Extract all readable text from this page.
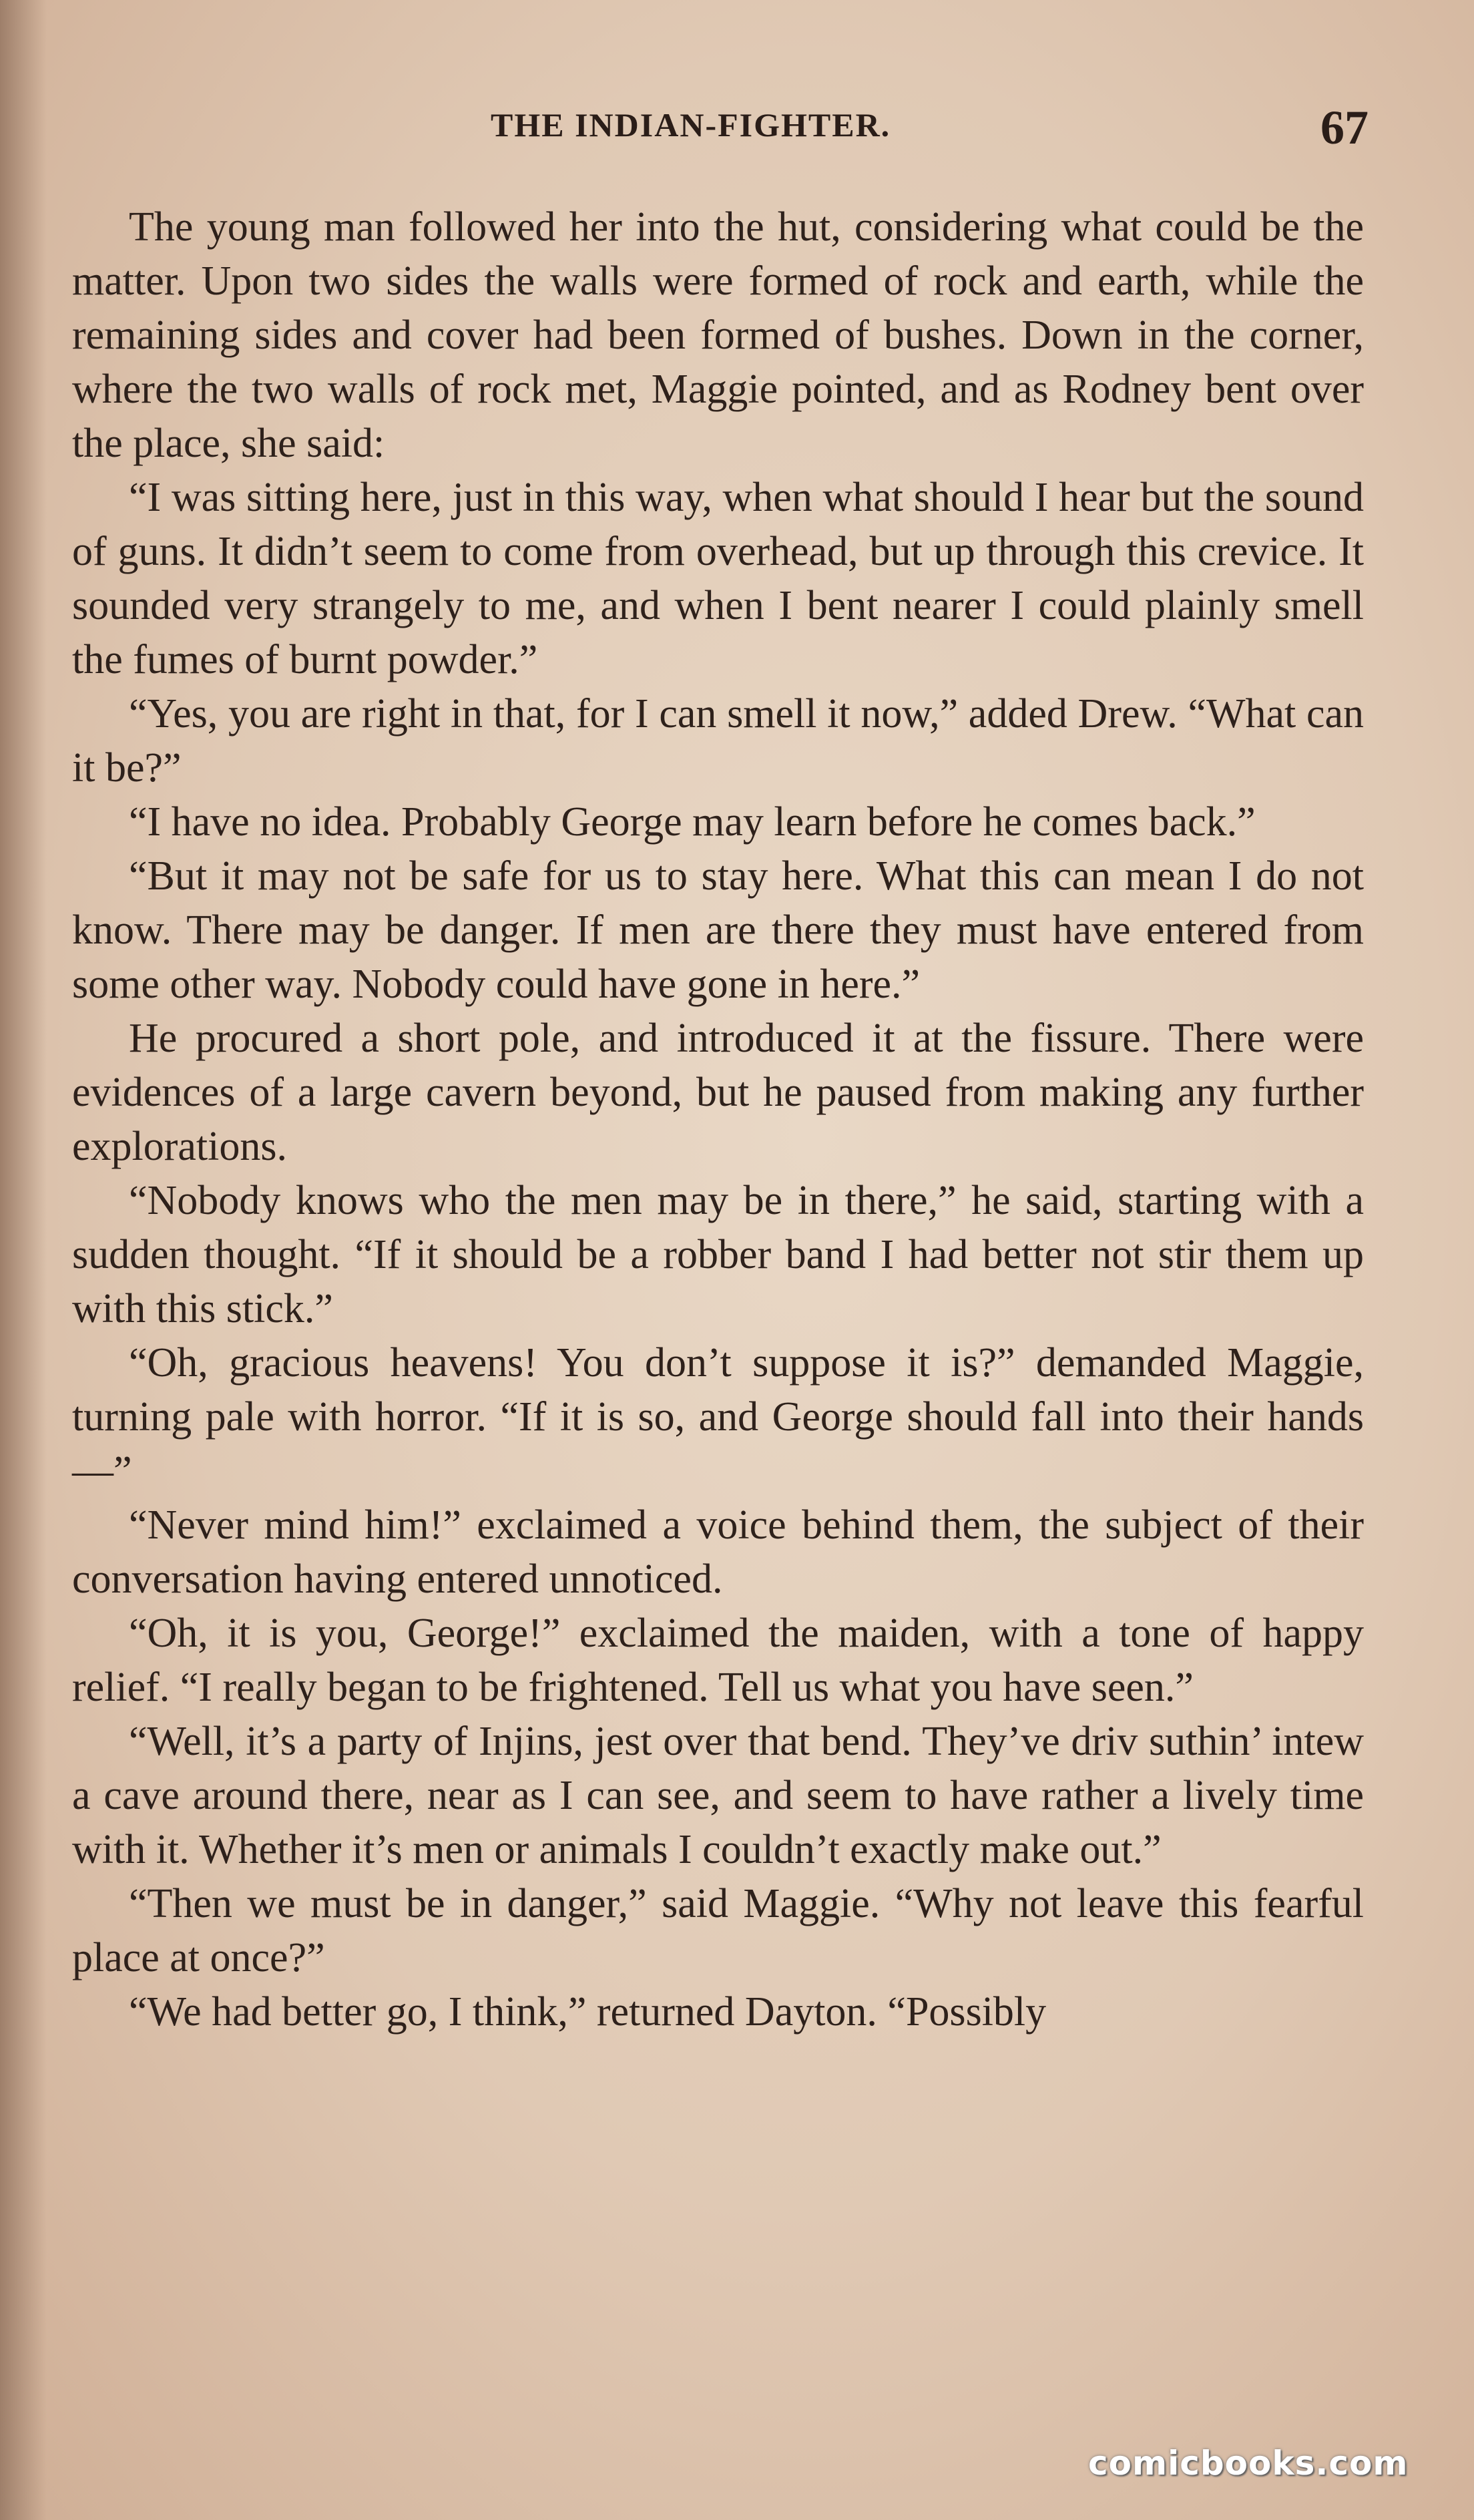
THE INDIAN-FIGHTER.	67

The young man followed her into the hut, considering what could be the matter. Upon two sides the walls were formed of rock and earth, while the remaining sides and cover had been formed of bushes. Down in the corner, where the two walls of rock met, Maggie pointed, and as Rodney bent over the place, she said:

“I was sitting here, just in this way, when what should I hear but the sound of guns. It didn’t seem to come from overhead, but up through this crevice. It sounded very strangely to me, and when I bent nearer I could plainly smell the fumes of burnt powder.”

“Yes, you are right in that, for I can smell it now,” added Drew. “What can it be?”

“I have no idea. Probably George may learn before he comes back.”

“But it may not be safe for us to stay here. What this can mean I do not know. There may be danger. If men are there they must have entered from some other way. Nobody could have gone in here.”

He procured a short pole, and introduced it at the fissure. There were evidences of a large cavern beyond, but he paused from making any further explorations.

“Nobody knows who the men may be in there,” he said, starting with a sudden thought. “If it should be a robber band I had better not stir them up with this stick.”

“Oh, gracious heavens! You don’t suppose it is?” demanded Maggie, turning pale with horror. “If it is so, and George should fall into their hands—”

“Never mind him!” exclaimed a voice behind them, the subject of their conversation having entered unnoticed.

“Oh, it is you, George!” exclaimed the maiden, with a tone of happy relief. “I really began to be frightened. Tell us what you have seen.”

“Well, it’s a party of Injins, jest over that bend. They’ve driv suthin’ intew a cave around there, near as I can see, and seem to have rather a lively time with it. Whether it’s men or animals I couldn’t exactly make out.”

“Then we must be in danger,” said Maggie. “Why not leave this fearful place at once?”

“We had better go, I think,” returned Dayton. “Possibly

comicbooks.com
